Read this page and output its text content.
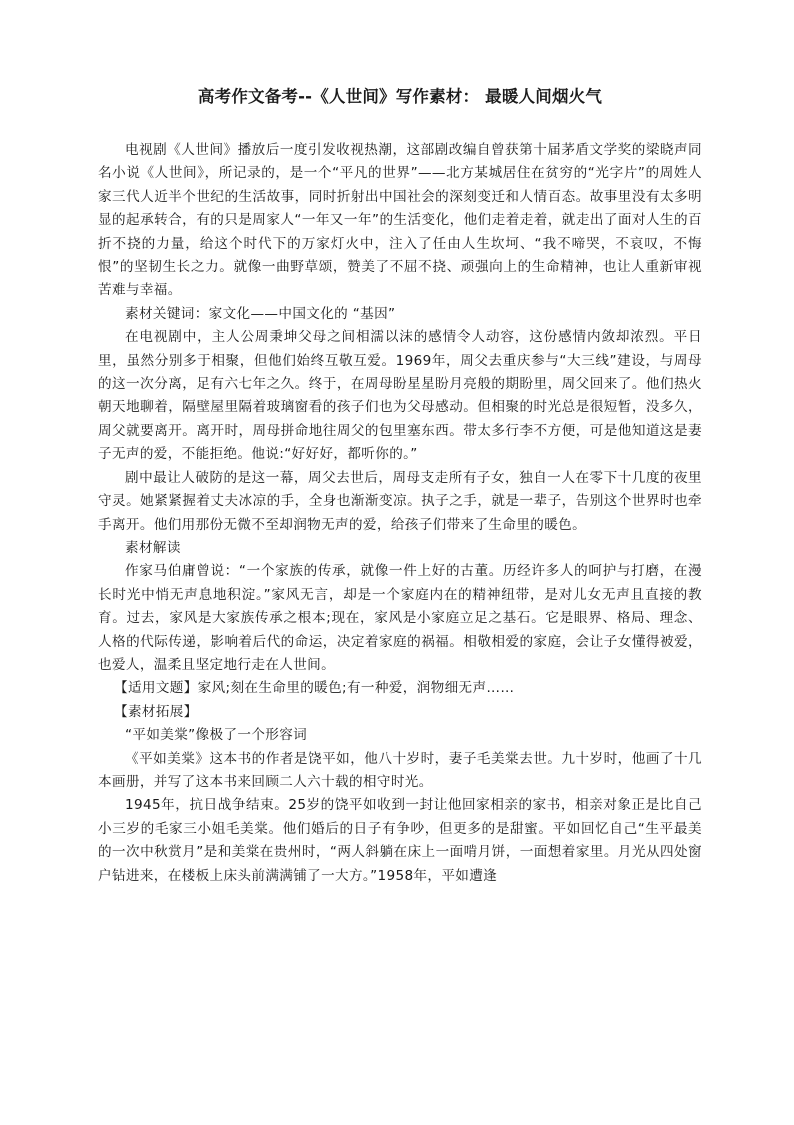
高考作文备考--《人世间》写作素材： 最暖人间烟火气

电视剧《人世间》播放后一度引发收视热潮，这部剧改编自曾获第十届茅盾文学奖的梁晓声同名小说《人世间》，所记录的，是一个“平凡的世界”——北方某城居住在贫穷的“光字片”的周姓人家三代人近半个世纪的生活故事，同时折射出中国社会的深刻变迁和人情百态。故事里没有太多明显的起承转合，有的只是周家人“一年又一年”的生活变化，他们走着走着，就走出了面对人生的百折不挠的力量，给这个时代下的万家灯火中，注入了任由人生坎坷、“我不啼哭，不哀叹，不悔恨”的坚韧生长之力。就像一曲野草颂，赞美了不屈不挠、顽强向上的生命精神，也让人重新审视苦难与幸福。

素材关键词：家文化——中国文化的 “基因”

在电视剧中，主人公周秉坤父母之间相濡以沫的感情令人动容，这份感情内敛却浓烈。平日里，虽然分别多于相聚，但他们始终互敬互爱。1969年，周父去重庆参与“大三线”建设，与周母的这一次分离，足有六七年之久。终于，在周母盼星星盼月亮般的期盼里，周父回来了。他们热火朝天地聊着，隔壁屋里隔着玻璃窗看的孩子们也为父母感动。但相聚的时光总是很短暂，没多久，周父就要离开。离开时，周母拼命地往周父的包里塞东西。带太多行李不方便，可是他知道这是妻子无声的爱，不能拒绝。他说:“好好好，都听你的。”

剧中最让人破防的是这一幕，周父去世后，周母支走所有子女，独自一人在零下十几度的夜里守灵。她紧紧握着丈夫冰凉的手，全身也渐渐变凉。执子之手，就是一辈子，告别这个世界时也牵手离开。他们用那份无微不至却润物无声的爱，给孩子们带来了生命里的暖色。

素材解读

作家马伯庸曾说：“一个家族的传承，就像一件上好的古董。历经许多人的呵护与打磨，在漫长时光中悄无声息地积淀。”家风无言，却是一个家庭内在的精神纽带，是对儿女无声且直接的教育。过去，家风是大家族传承之根本;现在，家风是小家庭立足之基石。它是眼界、格局、理念、人格的代际传递，影响着后代的命运，决定着家庭的祸福。相敬相爱的家庭，会让子女懂得被爱，也爱人，温柔且坚定地行走在人世间。

【适用文题】家风;刻在生命里的暖色;有一种爱，润物细无声……

【素材拓展】

“平如美棠”像极了一个形容词

《平如美棠》这本书的作者是饶平如，他八十岁时，妻子毛美棠去世。九十岁时，他画了十几本画册，并写了这本书来回顾二人六十载的相守时光。

1945年，抗日战争结束。25岁的饶平如收到一封让他回家相亲的家书，相亲对象正是比自己小三岁的毛家三小姐毛美棠。他们婚后的日子有争吵，但更多的是甜蜜。平如回忆自己“生平最美的一次中秋赏月”是和美棠在贵州时，“两人斜躺在床上一面啃月饼，一面想着家里。月光从四处窗户钻进来，在楼板上床头前满满铺了一大方。”1958年，平如遭逢
